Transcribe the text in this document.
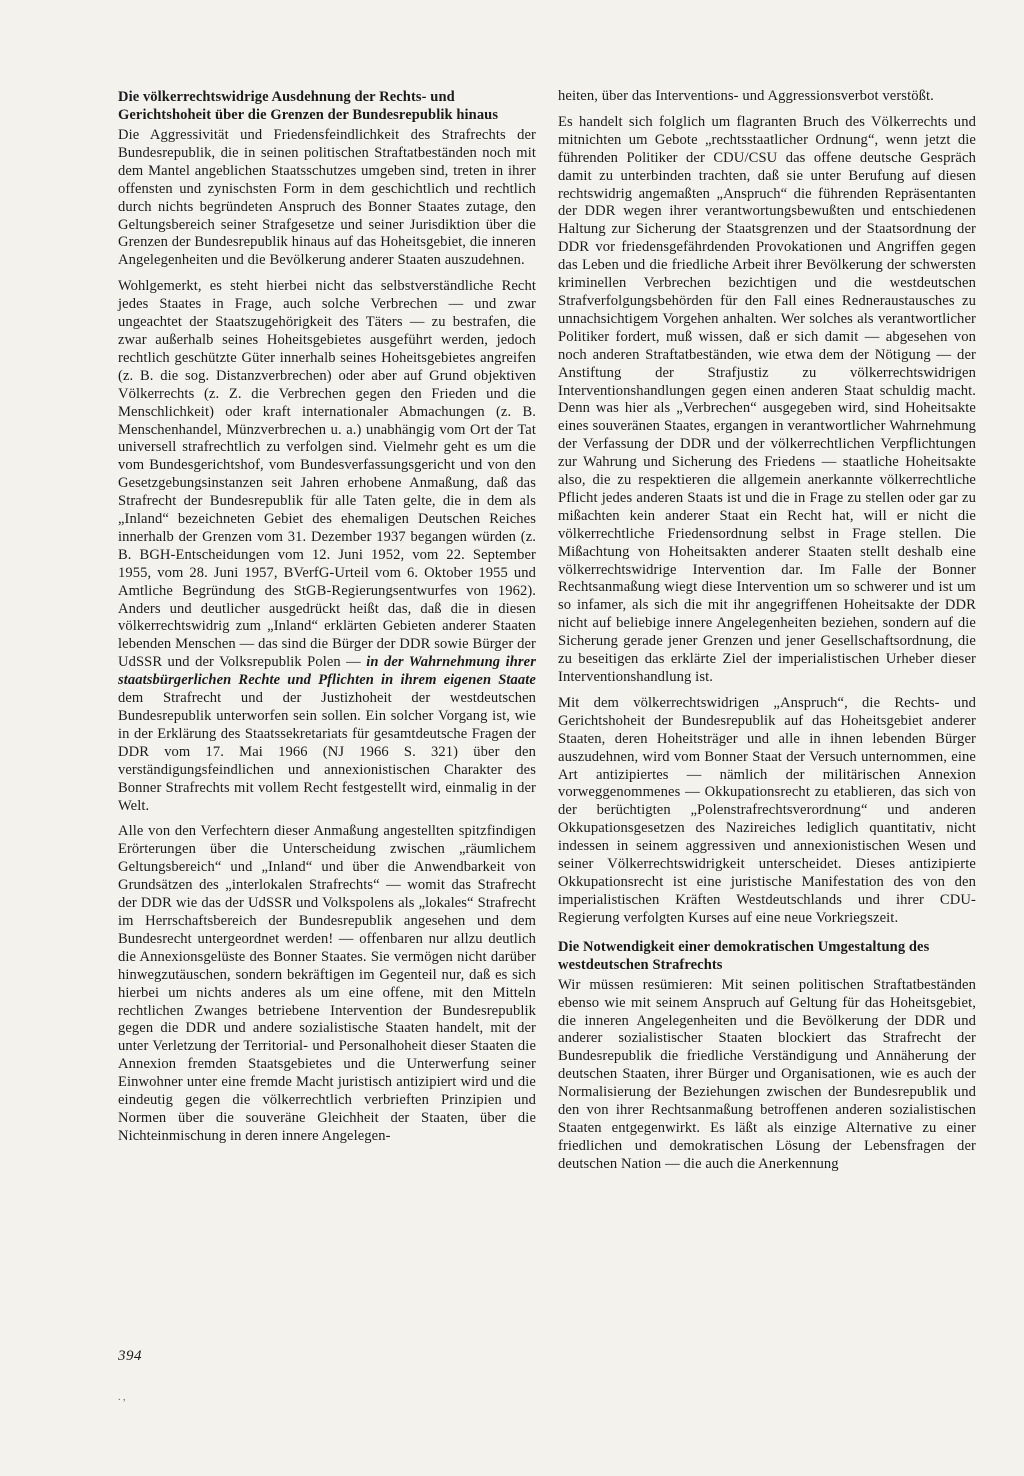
Die völkerrechtswidrige Ausdehnung der Rechts- und Gerichtshoheit über die Grenzen der Bundesrepublik hinaus

Die Aggressivität und Friedensfeindlichkeit des Strafrechts der Bundesrepublik, die in seinen politischen Straftatbeständen noch mit dem Mantel angeblichen Staatsschutzes umgeben sind, treten in ihrer offensten und zynischsten Form in dem geschichtlich und rechtlich durch nichts begründeten Anspruch des Bonner Staates zutage, den Geltungsbereich seiner Strafgesetze und seiner Jurisdiktion über die Grenzen der Bundesrepublik hinaus auf das Hoheitsgebiet, die inneren Angelegenheiten und die Bevölkerung anderer Staaten auszudehnen.

Wohlgemerkt, es steht hierbei nicht das selbstverständliche Recht jedes Staates in Frage, auch solche Verbrechen — und zwar ungeachtet der Staatszugehörigkeit des Täters — zu bestrafen, die zwar außerhalb seines Hoheitsgebietes ausgeführt werden, jedoch rechtlich geschützte Güter innerhalb seines Hoheitsgebietes angreifen (z. B. die sog. Distanzverbrechen) oder aber auf Grund objektiven Völkerrechts (z. Z. die Verbrechen gegen den Frieden und die Menschlichkeit) oder kraft internationaler Abmachungen (z. B. Menschenhandel, Münzverbrechen u. a.) unabhängig vom Ort der Tat universell strafrechtlich zu verfolgen sind. Vielmehr geht es um die vom Bundesgerichtshof, vom Bundesverfassungsgericht und von den Gesetzgebungsinstanzen seit Jahren erhobene Anmaßung, daß das Strafrecht der Bundesrepublik für alle Taten gelte, die in dem als „Inland“ bezeichneten Gebiet des ehemaligen Deutschen Reiches innerhalb der Grenzen vom 31. Dezember 1937 begangen würden (z. B. BGH-Entscheidungen vom 12. Juni 1952, vom 22. September 1955, vom 28. Juni 1957, BVerfG-Urteil vom 6. Oktober 1955 und Amtliche Begründung des StGB-Regierungsentwurfes von 1962). Anders und deutlicher ausgedrückt heißt das, daß die in diesen völkerrechtswidrig zum „Inland“ erklärten Gebieten anderer Staaten lebenden Menschen — das sind die Bürger der DDR sowie Bürger der UdSSR und der Volksrepublik Polen — in der Wahrnehmung ihrer staatsbürgerlichen Rechte und Pflichten in ihrem eigenen Staate dem Strafrecht und der Justizhoheit der westdeutschen Bundesrepublik unterworfen sein sollen. Ein solcher Vorgang ist, wie in der Erklärung des Staatssekretariats für gesamtdeutsche Fragen der DDR vom 17. Mai 1966 (NJ 1966 S. 321) über den verständigungsfeindlichen und annexionistischen Charakter des Bonner Strafrechts mit vollem Recht festgestellt wird, einmalig in der Welt.

Alle von den Verfechtern dieser Anmaßung angestellten spitzfindigen Erörterungen über die Unterscheidung zwischen „räumlichem Geltungsbereich“ und „Inland“ und über die Anwendbarkeit von Grundsätzen des „interlokalen Strafrechts“ — womit das Strafrecht der DDR wie das der UdSSR und Volkspolens als „lokales“ Strafrecht im Herrschaftsbereich der Bundesrepublik angesehen und dem Bundesrecht untergeordnet werden! — offenbaren nur allzu deutlich die Annexionsgelüste des Bonner Staates. Sie vermögen nicht darüber hinwegzutäuschen, sondern bekräftigen im Gegenteil nur, daß es sich hierbei um nichts anderes als um eine offene, mit den Mitteln rechtlichen Zwanges betriebene Intervention der Bundesrepublik gegen die DDR und andere sozialistische Staaten handelt, mit der unter Verletzung der Territorial- und Personalhoheit dieser Staaten die Annexion fremden Staatsgebietes und die Unterwerfung seiner Einwohner unter eine fremde Macht juristisch antizipiert wird und die eindeutig gegen die völkerrechtlich verbrieften Prinzipien und Normen über die souveräne Gleichheit der Staaten, über die Nichteinmischung in deren innere Angelegen-

heiten, über das Interventions- und Aggressionsverbot verstößt.

Es handelt sich folglich um flagranten Bruch des Völkerrechts und mitnichten um Gebote „rechtsstaatlicher Ordnung“, wenn jetzt die führenden Politiker der CDU/CSU das offene deutsche Gespräch damit zu unterbinden trachten, daß sie unter Berufung auf diesen rechtswidrig angemaßten „Anspruch“ die führenden Repräsentanten der DDR wegen ihrer verantwortungsbewußten und entschiedenen Haltung zur Sicherung der Staatsgrenzen und der Staatsordnung der DDR vor friedensgefährdenden Provokationen und Angriffen gegen das Leben und die friedliche Arbeit ihrer Bevölkerung der schwersten kriminellen Verbrechen bezichtigen und die westdeutschen Strafverfolgungsbehörden für den Fall eines Redneraustausches zu unnachsichtigem Vorgehen anhalten. Wer solches als verantwortlicher Politiker fordert, muß wissen, daß er sich damit — abgesehen von noch anderen Straftatbeständen, wie etwa dem der Nötigung — der Anstiftung der Strafjustiz zu völkerrechtswidrigen Interventionshandlungen gegen einen anderen Staat schuldig macht. Denn was hier als „Verbrechen“ ausgegeben wird, sind Hoheitsakte eines souveränen Staates, ergangen in verantwortlicher Wahrnehmung der Verfassung der DDR und der völkerrechtlichen Verpflichtungen zur Wahrung und Sicherung des Friedens — staatliche Hoheitsakte also, die zu respektieren die allgemein anerkannte völkerrechtliche Pflicht jedes anderen Staats ist und die in Frage zu stellen oder gar zu mißachten kein anderer Staat ein Recht hat, will er nicht die völkerrechtliche Friedensordnung selbst in Frage stellen. Die Mißachtung von Hoheitsakten anderer Staaten stellt deshalb eine völkerrechtswidrige Intervention dar. Im Falle der Bonner Rechtsanmaßung wiegt diese Intervention um so schwerer und ist um so infamer, als sich die mit ihr angegriffenen Hoheitsakte der DDR nicht auf beliebige innere Angelegenheiten beziehen, sondern auf die Sicherung gerade jener Grenzen und jener Gesellschaftsordnung, die zu beseitigen das erklärte Ziel der imperialistischen Urheber dieser Interventionshandlung ist.

Mit dem völkerrechtswidrigen „Anspruch“, die Rechts- und Gerichtshoheit der Bundesrepublik auf das Hoheitsgebiet anderer Staaten, deren Hoheitsträger und alle in ihnen lebenden Bürger auszudehnen, wird vom Bonner Staat der Versuch unternommen, eine Art antizipiertes — nämlich der militärischen Annexion vorweggenommenes — Okkupationsrecht zu etablieren, das sich von der berüchtigten „Polenstrafrechtsverordnung“ und anderen Okkupationsgesetzen des Nazireiches lediglich quantitativ, nicht indessen in seinem aggressiven und annexionistischen Wesen und seiner Völkerrechtswidrigkeit unterscheidet. Dieses antizipierte Okkupationsrecht ist eine juristische Manifestation des von den imperialistischen Kräften Westdeutschlands und ihrer CDU-Regierung verfolgten Kurses auf eine neue Vorkriegszeit.

Die Notwendigkeit einer demokratischen Umgestaltung des westdeutschen Strafrechts

Wir müssen resümieren: Mit seinen politischen Straftatbeständen ebenso wie mit seinem Anspruch auf Geltung für das Hoheitsgebiet, die inneren Angelegenheiten und die Bevölkerung der DDR und anderer sozialistischer Staaten blockiert das Strafrecht der Bundesrepublik die friedliche Verständigung und Annäherung der deutschen Staaten, ihrer Bürger und Organisationen, wie es auch der Normalisierung der Beziehungen zwischen der Bundesrepublik und den von ihrer Rechtsanmaßung betroffenen anderen sozialistischen Staaten entgegenwirkt. Es läßt als einzige Alternative zu einer friedlichen und demokratischen Lösung der Lebensfragen der deutschen Nation — die auch die Anerkennung

394
. ,
